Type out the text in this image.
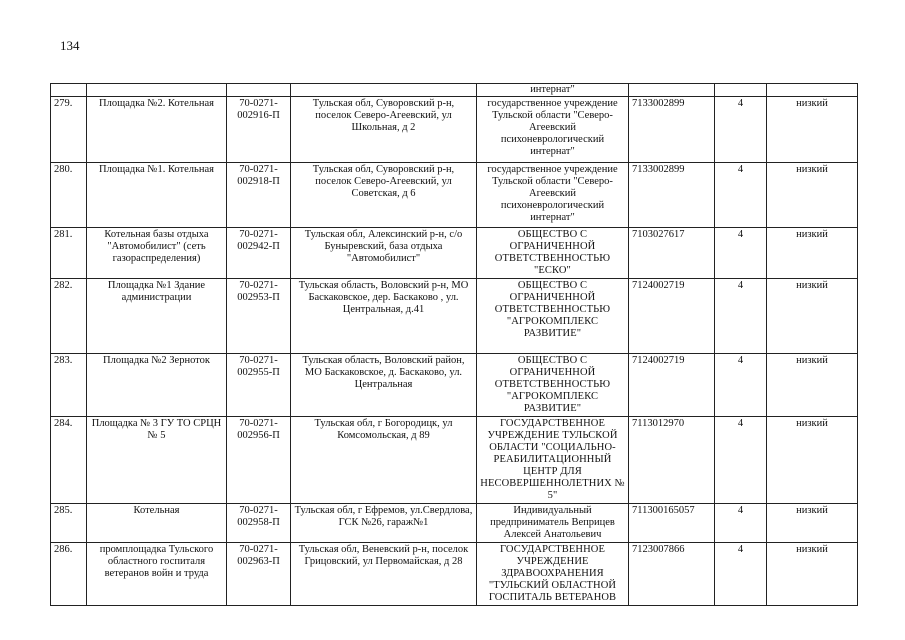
134
				интернат"			
279.	Площадка №2. Котельная	70-0271-002916-П	Тульская обл, Суворовский р-н, поселок Северо-Агеевский, ул Школьная, д 2	государственное учреждение Тульской области "Северо-Агеевский психоневрологический интернат"	7133002899	4	низкий
280.	Площадка №1. Котельная	70-0271-002918-П	Тульская обл, Суворовский р-н, поселок Северо-Агеевский, ул Советская, д 6	государственное учреждение Тульской области "Северо-Агеевский психоневрологический интернат"	7133002899	4	низкий
281.	Котельная базы отдыха "Автомобилист" (сеть газораспределения)	70-0271-002942-П	Тульская обл, Алексинский р-н, с/о Буныревский, база отдыха "Автомобилист"	ОБЩЕСТВО С ОГРАНИЧЕННОЙ ОТВЕТСТВЕННОСТЬЮ "ЕСКО"	7103027617	4	низкий
282.	Площадка №1 Здание администрации	70-0271-002953-П	Тульская область, Воловский р-н, МО Баскаковское, дер. Баскаково , ул. Центральная, д.41	ОБЩЕСТВО С ОГРАНИЧЕННОЙ ОТВЕТСТВЕННОСТЬЮ "АГРОКОМПЛЕКС РАЗВИТИЕ"	7124002719	4	низкий
283.	Площадка №2 Зерноток	70-0271-002955-П	Тульская область, Воловский район, МО Баскаковское, д. Баскаково, ул. Центральная	ОБЩЕСТВО С ОГРАНИЧЕННОЙ ОТВЕТСТВЕННОСТЬЮ "АГРОКОМПЛЕКС РАЗВИТИЕ"	7124002719	4	низкий
284.	Площадка № 3 ГУ ТО СРЦН № 5	70-0271-002956-П	Тульская обл, г Богородицк, ул Комсомольская, д 89	ГОСУДАРСТВЕННОЕ УЧРЕЖДЕНИЕ ТУЛЬСКОЙ ОБЛАСТИ "СОЦИАЛЬНО-РЕАБИЛИТАЦИОННЫЙ ЦЕНТР ДЛЯ НЕСОВЕРШЕННОЛЕТНИХ № 5"	7113012970	4	низкий
285.	Котельная	70-0271-002958-П	Тульская обл, г Ефремов, ул.Свердлова, ГСК №26, гараж№1	Индивидуальный предприниматель Веприцев Алексей Анатольевич	711300165057	4	низкий
286.	промплощадка Тульского областного госпиталя ветеранов войн и труда	70-0271-002963-П	Тульская обл, Веневский р-н, поселок Грицовский, ул Первомайская, д 28	ГОСУДАРСТВЕННОЕ УЧРЕЖДЕНИЕ ЗДРАВООХРАНЕНИЯ "ТУЛЬСКИЙ ОБЛАСТНОЙ ГОСПИТАЛЬ ВЕТЕРАНОВ	7123007866	4	низкий
